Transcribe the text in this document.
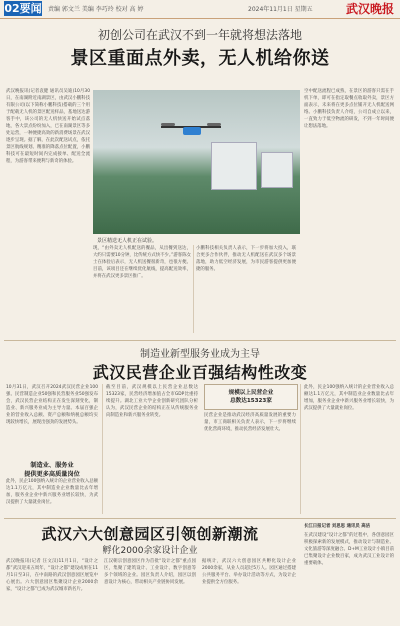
02要闻 责编 郭文兰 美编 李巧玲 校对 高 婷	2024年11月1日 星期五	武汉晚报
初创公司在武汉不到一年就将想法落地
景区重面点外卖，无人机给你送

武汉晚报讯(记者袁健 通讯员吴迪)10月30日，在南湖附近南湖景区，由武汉小鹏科技有限公司(以下简称小鹏科技)搭载的三个用于配载无人机的景区配送样品，基地送达游客手中，该公司的无人机快送开始试点落地，各大景点纷纷加入，已在南湖景区等多处运营，一种便捷高效的新消费场景在武汉逐步呈现。据了解，在此次配送试点，依托景区航线规划、精准的降落点位配置，小鹏科技可在最短时间内完成接单、配送全流程，为游客带来便利与新奇的体验。

景区精送无人机正在试验。

空中配送流程已成熟，在景区的游客只需在手机下单，即可在指定取餐点收取外卖，景区方面表示，未来将在更多点位铺开无人机配送网络。小鹏科技负责人介绍，公司自成立以来，一直致力于低空物流的研发，不到一年时间便让想法落地。

现，“由外卖无人机配送的餐品，从出餐到送达，大约只需要10分钟，比传统方式快不少。”游客陈女士在体验后表示，无人机送餐很新奇，也很方便。目前，该项目还在继续优化航线，提高配送效率，并将在武汉更多景区推广。

小鹏科技相关负责人表示，下一步将加大投入，联合更多合作伙伴，推动无人机配送在武汉多个场景落地，助力低空经济发展，为市民游客提供更加便捷的服务。

制造业新型服务业成为主导
武汉民营企业百强结构性改变

10月31日，武汉召开2024武汉民营企业100强、民营制造企业50强和民营服务业50强发布会，武汉民营企业结构正在发生深刻变化，制造业、新兴服务业成为主导力量。本届百强企业的营业收入总额、资产总额和纳税总额均实现较快增长，展现出强劲的发展势头。

制造业、服务业
提供更多高质量岗位

此外，民企100强纳入统计的企业营业收入总额达1.1万亿元，其中制造业企业数量比去年增加，服务业企业中新兴服务业增长较快，为武汉提供了大量就业岗位。

截至目前，武汉规模以上民营企业总数达15323家，民营经济增加值占全市GDP比重持续提升。湖北工业大学企业创新研究团队分析认为，武汉民营企业的结构正在从传统服务业向制造业和新兴服务业转变。

规模以上民营企业
总数达15323家

民营企业是推动武汉经济高质量发展的重要力量，市工商联相关负责人表示，下一步将继续优化营商环境，推动民营经济发展壮大。

此外，民企100强纳入统计的企业营业收入总额达1.1万亿元，其中制造业企业数量比去年增加，服务业企业中新兴服务业增长较快，为武汉提供了大量就业岗位。

武汉六大创意园区引领创新潮流
孵化2000余家设计企业

武汉晚报讯(记者 汪文汉)11月1日，“设计之都”武汉迎来五周年，“设计之都”建设成果在11月1日至3日，在中南路的武汉创意园区展览中心展出。六大创意园区集聚设计企业2000余家，“设计之都”已成为武汉城市新名片。

江汉朝宗创意园区作为首批“设计之都”重点园区，集聚了建筑设计、工业设计、数字创意等多个领域的企业。园区负责人介绍，园区以创意设计为核心，带动相关产业链协同发展。

据统计，武汉六大创意园区共孵化设计企业2000余家，从业人员超过5万人。园区通过搭建公共服务平台、举办设计活动等方式，为设计企业提供全方位服务。

长江日报记者 刘思思 通讯员 高洁

在武汉建设“设计之都”的过程中，各创意园区积极探索新的发展模式，推动设计与制造业、文化旅游等深度融合。D+M工业设计小镇目前已集聚设计企业数百家，成为武汉工业设计的重要载体。
